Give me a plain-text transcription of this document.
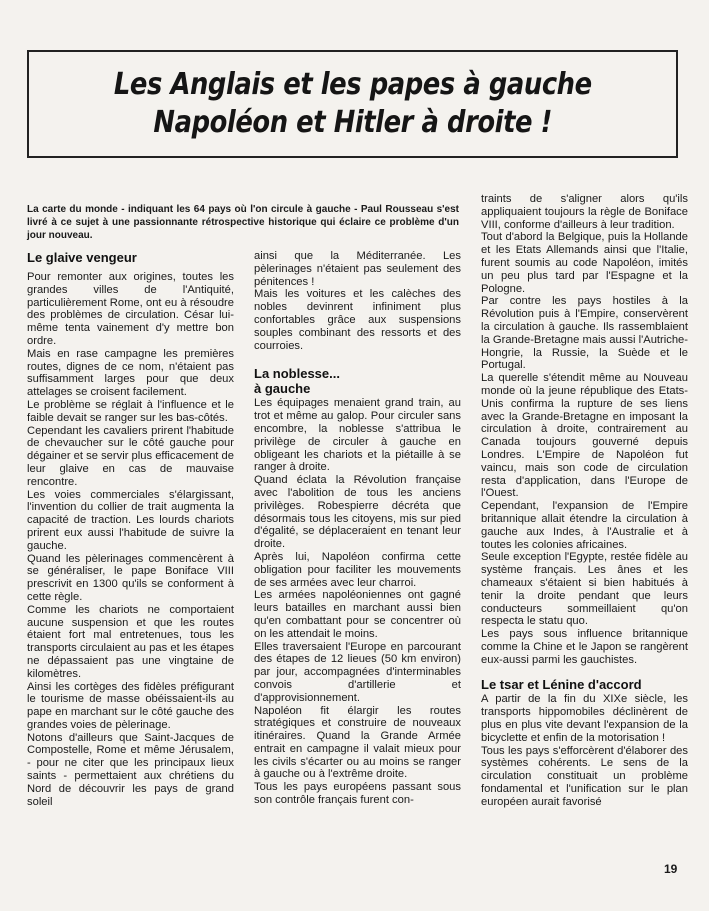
Les Anglais et les papes à gauche
Napoléon et Hitler à droite !

La carte du monde - indiquant les 64 pays où l'on circule à gauche - Paul Rousseau s'est livré à ce sujet à une passionnante rétrospective historique qui éclaire ce problème d'un jour nouveau.

Le glaive vengeur

Pour remonter aux origines, toutes les grandes villes de l'Antiquité, particulièrement Rome, ont eu à résoudre des problèmes de circulation. César lui-même tenta vainement d'y mettre bon ordre.

Mais en rase campagne les premières routes, dignes de ce nom, n'étaient pas suffisamment larges pour que deux attelages se croisent facilement.

Le problème se réglait à l'influence et le faible devait se ranger sur les bas-côtés.

Cependant les cavaliers prirent l'habitude de chevaucher sur le côté gauche pour dégainer et se servir plus efficacement de leur glaive en cas de mauvaise rencontre.

Les voies commerciales s'élargissant, l'invention du collier de trait augmenta la capacité de traction. Les lourds chariots prirent eux aussi l'habitude de suivre la gauche.

Quand les pèlerinages commencèrent à se généraliser, le pape Boniface VIII prescrivit en 1300 qu'ils se conforment à cette règle.

Comme les chariots ne comportaient aucune suspension et que les routes étaient fort mal entretenues, tous les transports circulaient au pas et les étapes ne dépassaient pas une vingtaine de kilomètres.

Ainsi les cortèges des fidèles préfigurant le tourisme de masse obéissaient-ils au pape en marchant sur le côté gauche des grandes voies de pèlerinage.

Notons d'ailleurs que Saint-Jacques de Compostelle, Rome et même Jérusalem, - pour ne citer que les principaux lieux saints - permettaient aux chrétiens du Nord de découvrir les pays de grand soleil

ainsi que la Méditerranée. Les pèlerinages n'étaient pas seulement des pénitences !

Mais les voitures et les calèches des nobles devinrent infiniment plus confortables grâce aux suspensions souples combinant des ressorts et des courroies.

La noblesse...
à gauche

Les équipages menaient grand train, au trot et même au galop. Pour circuler sans encombre, la noblesse s'attribua le privilège de circuler à gauche en obligeant les chariots et la piétaille à se ranger à droite.

Quand éclata la Révolution française avec l'abolition de tous les anciens privilèges. Robespierre décréta que désormais tous les citoyens, mis sur pied d'égalité, se déplaceraient en tenant leur droite.

Après lui, Napoléon confirma cette obligation pour faciliter les mouvements de ses armées avec leur charroi.

Les armées napoléoniennes ont gagné leurs batailles en marchant aussi bien qu'en combattant pour se concentrer où on les attendait le moins.

Elles traversaient l'Europe en parcourant des étapes de 12 lieues (50 km environ) par jour, accompagnées d'interminables convois d'artillerie et d'approvisionnement.

Napoléon fit élargir les routes stratégiques et construire de nouveaux itinéraires. Quand la Grande Armée entrait en campagne il valait mieux pour les civils s'écarter ou au moins se ranger à gauche ou à l'extrême droite.

Tous les pays européens passant sous son contrôle français furent con-

traints de s'aligner alors qu'ils appliquaient toujours la règle de Boniface VIII, conforme d'ailleurs à leur tradition.

Tout d'abord la Belgique, puis la Hollande et les Etats Allemands ainsi que l'Italie, furent soumis au code Napoléon, imités un peu plus tard par l'Espagne et la Pologne.

Par contre les pays hostiles à la Révolution puis à l'Empire, conservèrent la circulation à gauche. Ils rassemblaient la Grande-Bretagne mais aussi l'Autriche-Hongrie, la Russie, la Suède et le Portugal.

La querelle s'étendit même au Nouveau monde où la jeune république des Etats-Unis confirma la rupture de ses liens avec la Grande-Bretagne en imposant la circulation à droite, contrairement au Canada toujours gouverné depuis Londres. L'Empire de Napoléon fut vaincu, mais son code de circulation resta d'application, dans l'Europe de l'Ouest.

Cependant, l'expansion de l'Empire britannique allait étendre la circulation à gauche aux Indes, à l'Australie et à toutes les colonies africaines.

Seule exception l'Egypte, restée fidèle au système français. Les ânes et les chameaux s'étaient si bien habitués à tenir la droite pendant que leurs conducteurs sommeillaient qu'on respecta le statu quo.

Les pays sous influence britannique comme la Chine et le Japon se rangèrent eux-aussi parmi les gauchistes.

Le tsar et Lénine d'accord

A partir de la fin du XIXe siècle, les transports hippomobiles déclinèrent de plus en plus vite devant l'expansion de la bicyclette et enfin de la motorisation !

Tous les pays s'efforcèrent d'élaborer des systèmes cohérents. Le sens de la circulation constituait un problème fondamental et l'unification sur le plan européen aurait favorisé

19
